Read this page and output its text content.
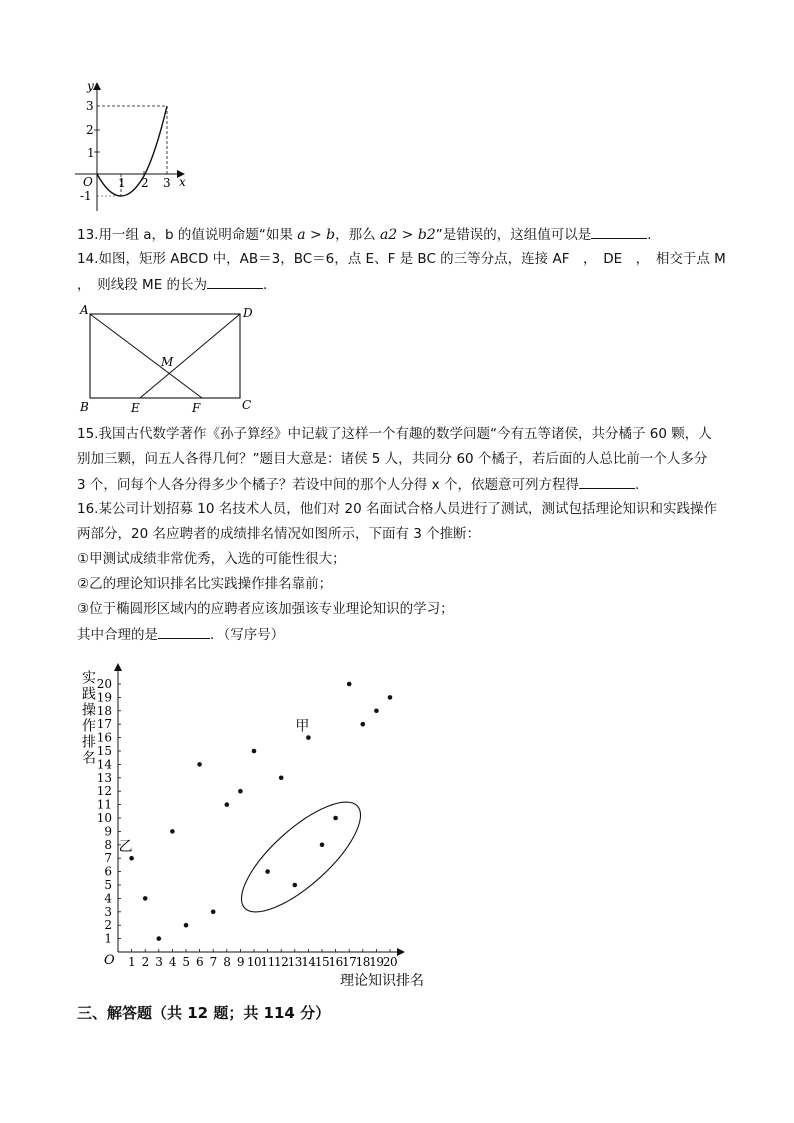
y
x
O
3
2
1
-1
1 2 3
13.用一组 a，b 的值说明命题“如果 a > b，那么 a2 > b2”是错误的，这组值可以是	.
14.如图，矩形 ABCD 中，AB＝3，BC＝6，点 E、F 是 BC 的三等分点，连接 AF　，　DE　，　相交于点 M
，　则线段 ME 的长为	.
A	D
M
B	E	F	C
15.我国古代数学著作《孙子算经》中记载了这样一个有趣的数学问题“今有五等诸侯，共分橘子 60 颗，人
别加三颗，问五人各得几何？”题目大意是：诸侯 5 人，共同分 60 个橘子，若后面的人总比前一个人多分
3 个，问每个人各分得多少个橘子？若设中间的那个人分得 x 个，依题意可列方程得	.
16.某公司计划招募 10 名技术人员，他们对 20 名面试合格人员进行了测试，测试包括理论知识和实践操作
两部分，20 名应聘者的成绩排名情况如图所示，下面有 3 个推断：
①甲测试成绩非常优秀，入选的可能性很大；
②乙的理论知识排名比实践操作排名靠前；
③位于椭圆形区域内的应聘者应该加强该专业理论知识的学习；
其中合理的是	．（写序号）
1 2 3 4 5 6 7 8 9 10 11 12 13 14 15 16 17 18 19 20
1
2
3
4
5
6
7
8
9
10
11
12
13
14
15
16
17
18
19
20
甲
乙
O
实践操作排名
理论知识排名
三、解答题（共 12 题；共 114 分）
